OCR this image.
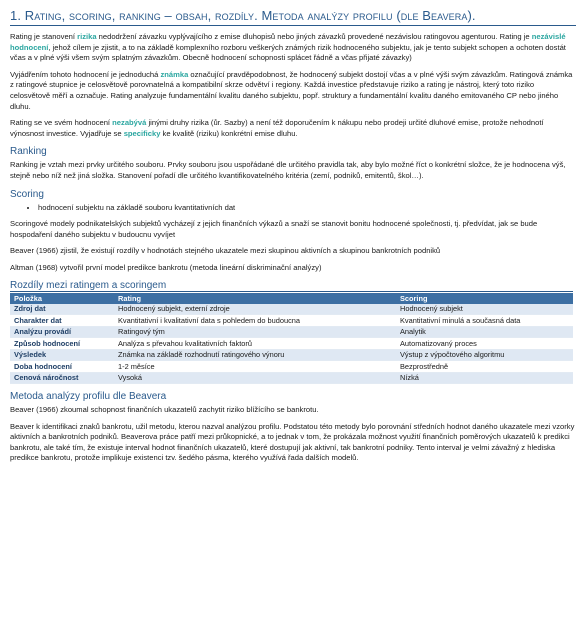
1. Rating, scoring, ranking – obsah, rozdíly. Metoda analýzy profilu (dle Beavera).

Rating je stanovení rizika nedodržení závazku vyplývajícího z emise dluhopisů nebo jiných závazků provedené nezávislou ratingovou agenturou. Rating je nezávislé hodnocení, jehož cílem je zjistit, a to na základě komplexního rozboru veškerých známých rizik hodnoceného subjektu, jak je tento subjekt schopen a ochoten dostát včas a v plné výši všem svým splatným závazkům. Obecně hodnocení schopnosti splácet řádně a včas přijaté závazky)

Vyjádřením tohoto hodnocení je jednoduchá známka označující pravděpodobnost, že hodnocený subjekt dostojí včas a v plné výši svým závazkům. Ratingová známka z ratingové stupnice je celosvětově porovnatelná a kompatibilní skrze odvětví i regiony. Každá investice představuje riziko a rating je nástroj, který toto riziko celosvětově měří a označuje. Rating analyzuje fundamentální kvalitu daného subjektu, popř. struktury a fundamentální kvalitu daného emitovaného CP nebo jiného dluhu.

Rating se ve svém hodnocení nezabývá jinými druhy rizika (ůr. Sazby) a není též doporučením k nákupu nebo prodeji určité dluhové emise, protože nehodnotí výnosnost investice. Vyjadřuje se specificky ke kvalitě (riziku) konkrétní emise dluhu.

Ranking

Ranking je vztah mezi prvky určitého souboru. Prvky souboru jsou uspořádané dle určitého pravidla tak, aby bylo možné říct o konkrétní složce, že je hodnocena výš, stejně nebo níž než jiná složka. Stanovení pořadí dle určitého kvantifikovatelného kritéria (zemí, podniků, emitentů, škol…).

Scoring
• hodnocení subjektu na základě souboru kvantitativních dat

Scoringové modely podnikatelských subjektů vycházejí z jejich finančních výkazů a snaží se stanovit bonitu hodnocené společnosti, tj. předvídat, jak se bude hospodaření daného subjektu v budoucnu vyvíjet

Beaver (1966) zjistil, že existují rozdíly v hodnotách stejného ukazatele mezi skupinou aktivních a skupinou bankrotních podniků

Altman (1968) vytvořil první model predikce bankrotu (metoda lineární diskriminační analýzy)

Rozdíly mezi ratingem a scoringem
Položka	Rating	Scoring
Zdroj dat	Hodnocený subjekt, externí zdroje	Hodnocený subjekt
Charakter dat	Kvantitativní i kvalitativní data s pohledem do budoucna	Kvantitativní minulá a současná data
Analýzu provádí	Ratingový tým	Analytik
Způsob hodnocení	Analýza s převahou kvalitativních faktorů	Automatizovaný proces
Výsledek	Známka na základě rozhodnutí ratingového výnoru	Výstup z výpočtového algoritmu
Doba hodnocení	1-2 měsíce	Bezprostředně
Cenová náročnost	Vysoká	Nízká
Metoda analýzy profilu dle Beavera

Beaver (1966) zkoumal schopnost finančních ukazatelů zachytit riziko blížícího se bankrotu.

Beaver k identifikaci znaků bankrotu, užil metodu, kterou nazval analýzou profilu. Podstatou této metody bylo porovnání středních hodnot daného ukazatele mezi vzorky aktivních a bankrotních podniků. Beaverova práce patří mezi průkopnické, a to jednak v tom, že prokázala možnost využití finančních poměrových ukazatelů k predikci bankrotu, ale také tím, že existuje interval hodnot finančních ukazatelů, které dostupují jak aktivní, tak bankrotní podniky. Tento interval je velmi závažný z hlediska predikce bankrotu, protože implikuje existenci tzv. šedého pásma, kterého využívá řada dalších modelů.
